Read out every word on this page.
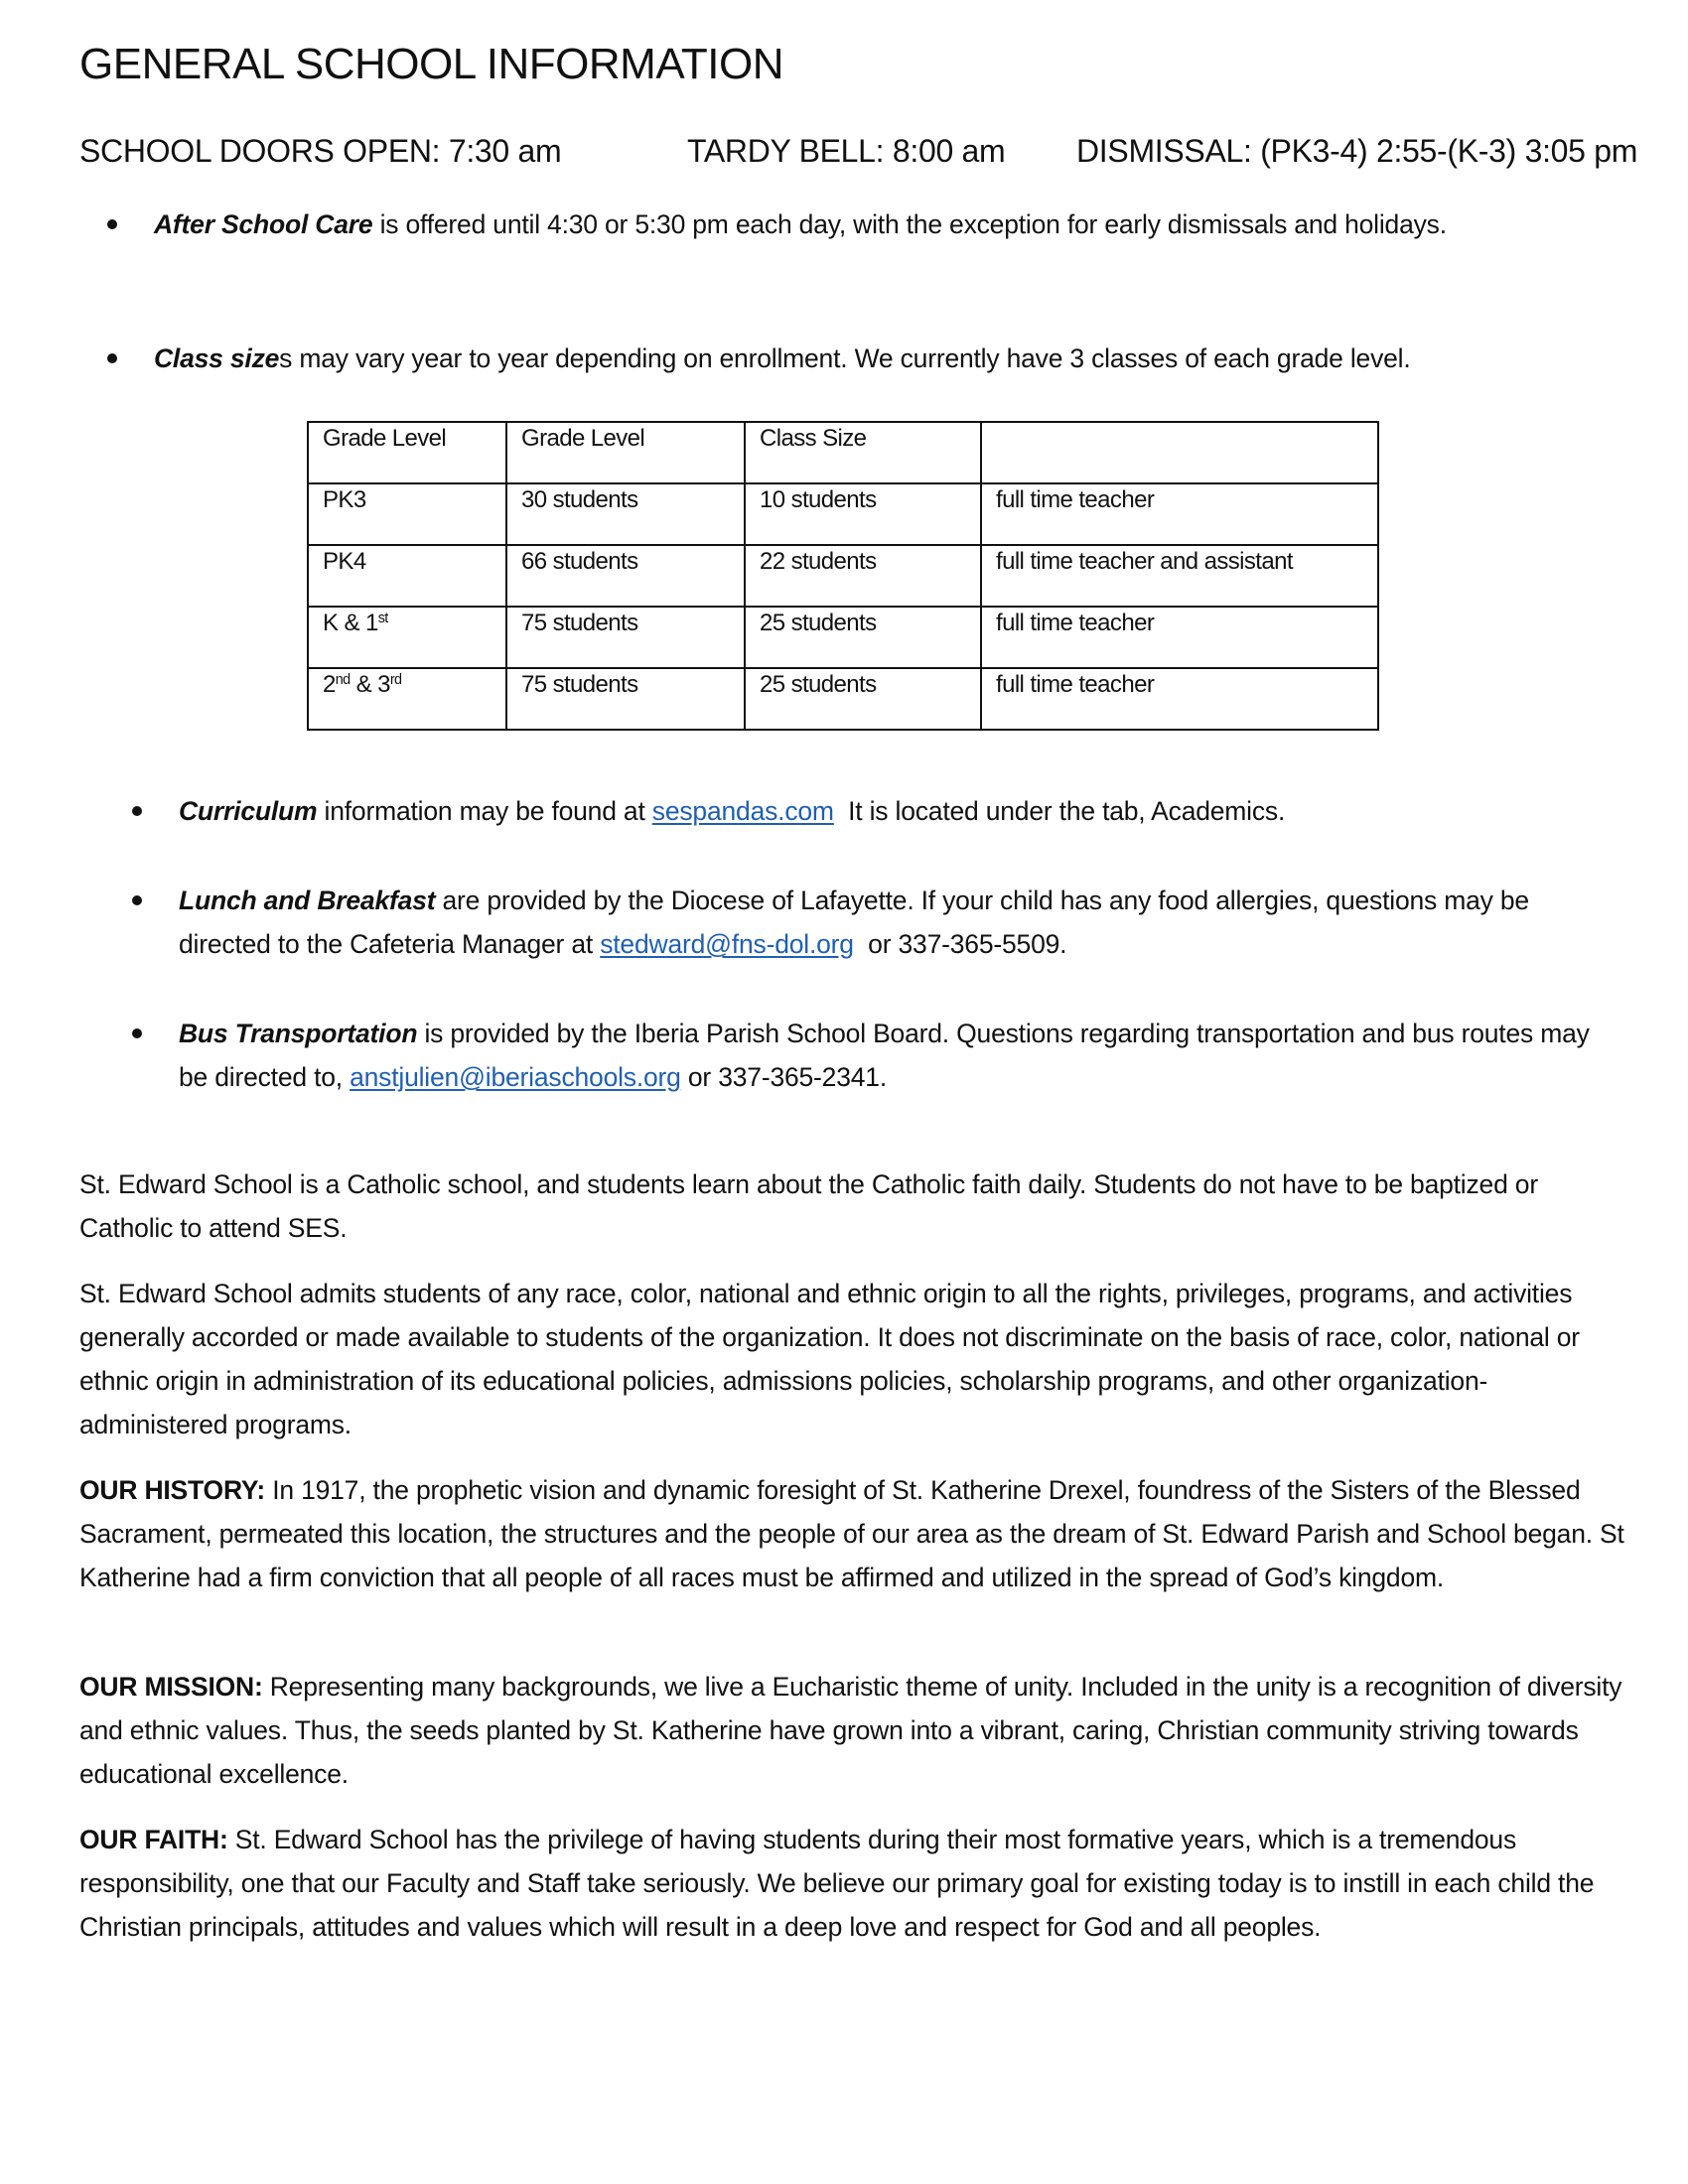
GENERAL SCHOOL INFORMATION
SCHOOL DOORS OPEN: 7:30 am	TARDY BELL: 8:00 am DISMISSAL: (PK3-4) 2:55-(K-3) 3:05 pm
After School Care is offered until 4:30 or 5:30 pm each day, with the exception for early dismissals and holidays.
Class sizes may vary year to year depending on enrollment. We currently have 3 classes of each grade level.
Grade Level	Grade Level	Class Size	
PK3	30 students	10 students	full time teacher
PK4	66 students	22 students	full time teacher and assistant
K & 1st	75 students	25 students	full time teacher
2nd & 3rd	75 students	25 students	full time teacher
Curriculum information may be found at sespandas.com  It is located under the tab, Academics.
Lunch and Breakfast are provided by the Diocese of Lafayette. If your child has any food allergies, questions may be directed to the Cafeteria Manager at stedward@fns-dol.org  or 337-365-5509.
Bus Transportation is provided by the Iberia Parish School Board. Questions regarding transportation and bus routes may be directed to, anstjulien@iberiaschools.org or 337-365-2341.

St. Edward School is a Catholic school, and students learn about the Catholic faith daily. Students do not have to be baptized or Catholic to attend SES.

St. Edward School admits students of any race, color, national and ethnic origin to all the rights, privileges, programs, and activities generally accorded or made available to students of the organization. It does not discriminate on the basis of race, color, national or ethnic origin in administration of its educational policies, admissions policies, scholarship programs, and other organization-administered programs.

OUR HISTORY: In 1917, the prophetic vision and dynamic foresight of St. Katherine Drexel, foundress of the Sisters of the Blessed Sacrament, permeated this location, the structures and the people of our area as the dream of St. Edward Parish and School began. St Katherine had a firm conviction that all people of all races must be affirmed and utilized in the spread of God’s kingdom.

OUR MISSION: Representing many backgrounds, we live a Eucharistic theme of unity. Included in the unity is a recognition of diversity and ethnic values. Thus, the seeds planted by St. Katherine have grown into a vibrant, caring, Christian community striving towards educational excellence.

OUR FAITH: St. Edward School has the privilege of having students during their most formative years, which is a tremendous responsibility, one that our Faculty and Staff take seriously. We believe our primary goal for existing today is to instill in each child the Christian principals, attitudes and values which will result in a deep love and respect for God and all peoples.
